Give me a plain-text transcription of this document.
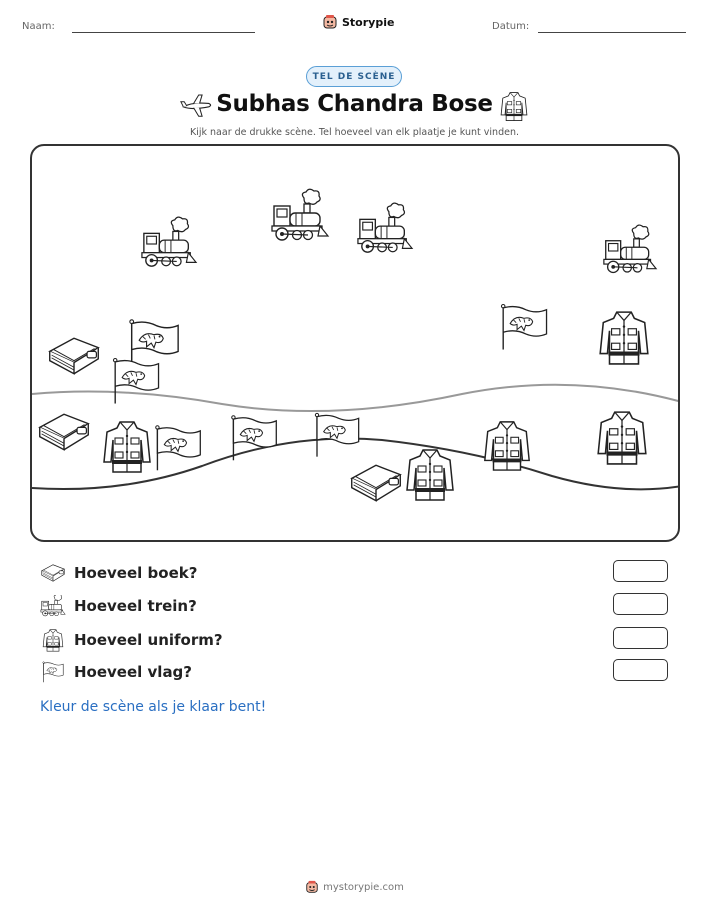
Naam:	Storypie	Datum:
TEL DE SCÈNE
Subhas Chandra Bose
Kijk naar de drukke scène. Tel hoeveel van elk plaatje je kunt vinden.
Hoeveel boek?
Hoeveel trein?
Hoeveel uniform?
Hoeveel vlag?
Kleur de scène als je klaar bent!
mystorypie.com
